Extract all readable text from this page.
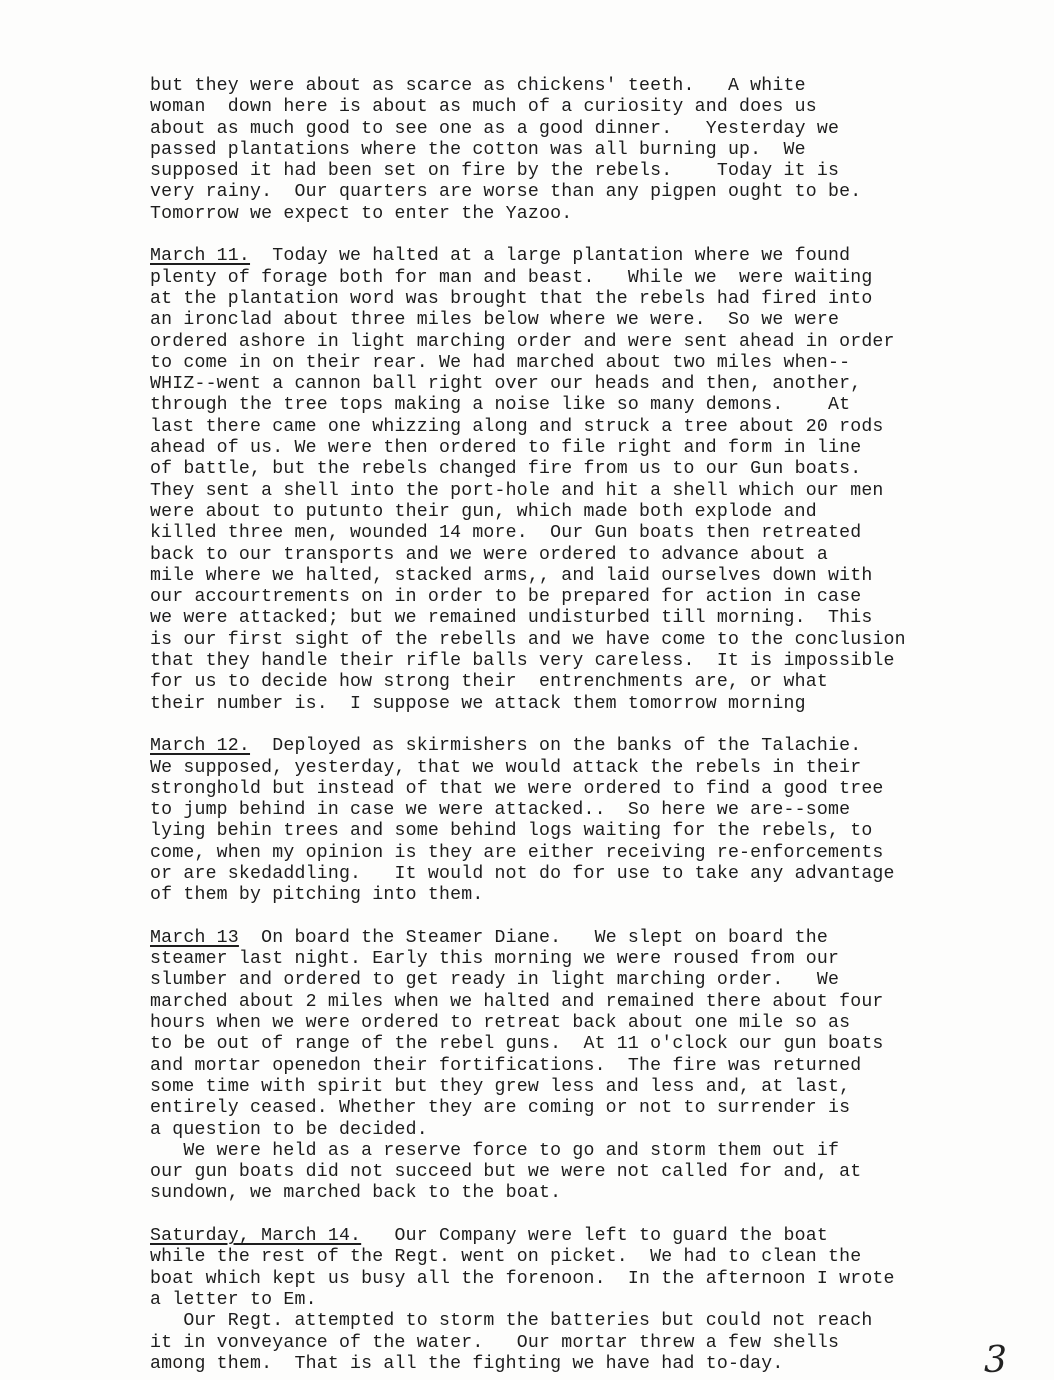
but they were about as scarce as chickens' teeth.   A white
woman  down here is about as much of a curiosity and does us
about as much good to see one as a good dinner.   Yesterday we
passed plantations where the cotton was all burning up.  We
supposed it had been set on fire by the rebels.    Today it is
very rainy.  Our quarters are worse than any pigpen ought to be.
Tomorrow we expect to enter the Yazoo.
March 11.  Today we halted at a large plantation where we found
plenty of forage both for man and beast.   While we  were waiting
at the plantation word was brought that the rebels had fired into
an ironclad about three miles below where we were.  So we were
ordered ashore in light marching order and were sent ahead in order
to come in on their rear. We had marched about two miles when--
WHIZ--went a cannon ball right over our heads and then, another,
through the tree tops making a noise like so many demons.    At
last there came one whizzing along and struck a tree about 20 rods
ahead of us. We were then ordered to file right and form in line
of battle, but the rebels changed fire from us to our Gun boats.
They sent a shell into the port-hole and hit a shell which our men
were about to putunto their gun, which made both explode and
killed three men, wounded 14 more.  Our Gun boats then retreated
back to our transports and we were ordered to advance about a
mile where we halted, stacked arms,, and laid ourselves down with
our accourtrements on in order to be prepared for action in case
we were attacked; but we remained undisturbed till morning.  This
is our first sight of the rebells and we have come to the conclusion
that they handle their rifle balls very careless.  It is impossible
for us to decide how strong their  entrenchments are, or what
their number is.  I suppose we attack them tomorrow morning
March 12.  Deployed as skirmishers on the banks of the Talachie.
We supposed, yesterday, that we would attack the rebels in their
stronghold but instead of that we were ordered to find a good tree
to jump behind in case we were attacked..  So here we are--some
lying behin trees and some behind logs waiting for the rebels, to
come, when my opinion is they are either receiving re-enforcements
or are skedaddling.   It would not do for use to take any advantage
of them by pitching into them.
March 13  On board the Steamer Diane.   We slept on board the
steamer last night. Early this morning we were roused from our
slumber and ordered to get ready in light marching order.   We
marched about 2 miles when we halted and remained there about four
hours when we were ordered to retreat back about one mile so as
to be out of range of the rebel guns.  At 11 o'clock our gun boats
and mortar openedon their fortifications.  The fire was returned
some time with spirit but they grew less and less and, at last,
entirely ceased. Whether they are coming or not to surrender is
a question to be decided.
We were held as a reserve force to go and storm them out if
our gun boats did not succeed but we were not called for and, at
sundown, we marched back to the boat.
Saturday, March 14.   Our Company were left to guard the boat
while the rest of the Regt. went on picket.  We had to clean the
boat which kept us busy all the forenoon.  In the afternoon I wrote
a letter to Em.
Our Regt. attempted to storm the batteries but could not reach
it in vonveyance of the water.   Our mortar threw a few shells
among them.  That is all the fighting we have had to-day.	3
